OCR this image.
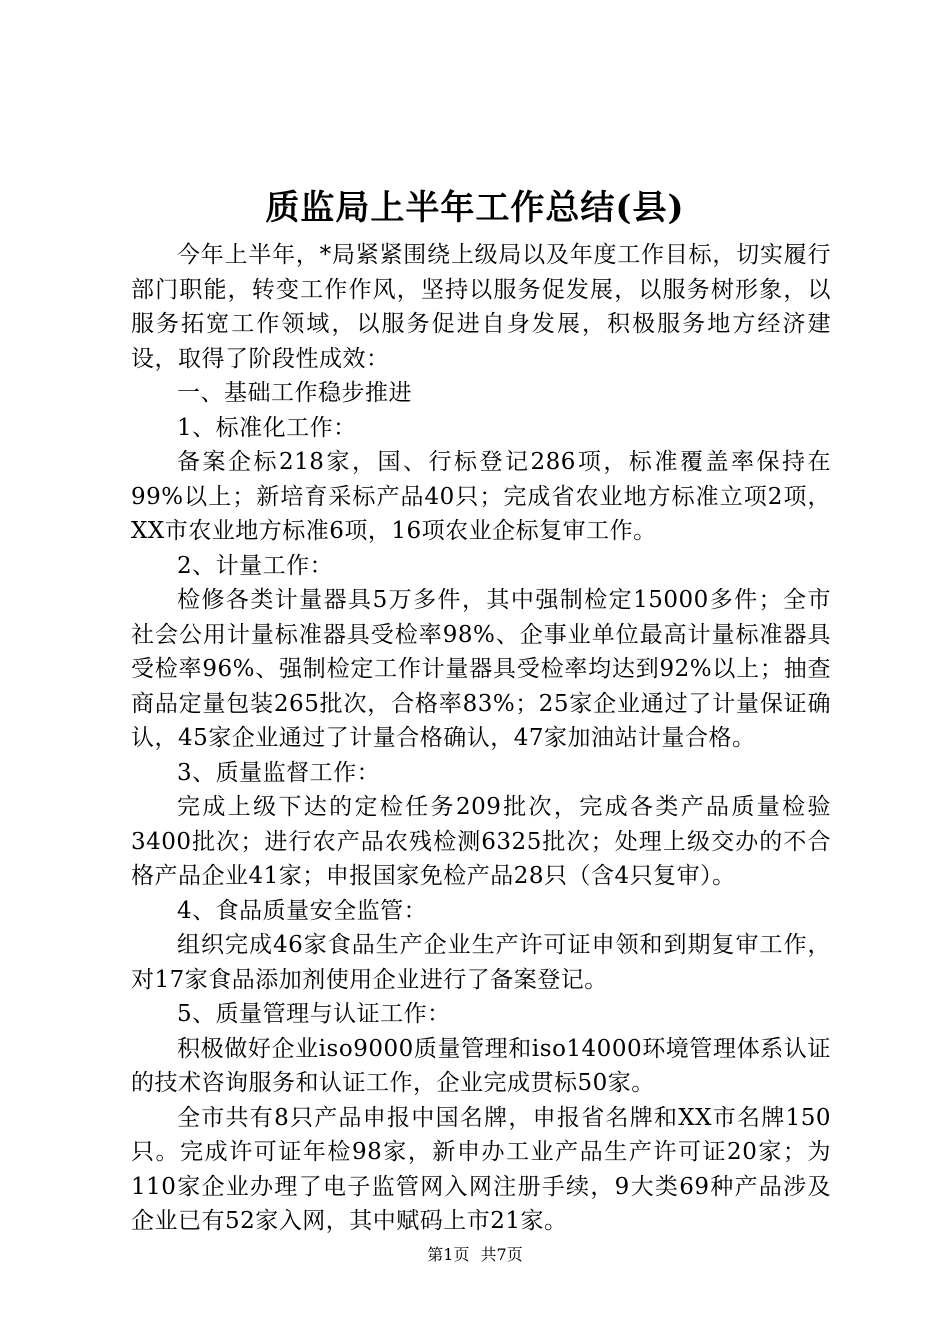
质监局上半年工作总结(县)

今年上半年，*局紧紧围绕上级局以及年度工作目标，切实履行部门职能，转变工作作风，坚持以服务促发展，以服务树形象，以服务拓宽工作领域，以服务促进自身发展，积极服务地方经济建设，取得了阶段性成效：

一、基础工作稳步推进

1、标准化工作：

备案企标218家，国、行标登记286项，标准覆盖率保持在99%以上；新培育采标产品40只；完成省农业地方标准立项2项，XX市农业地方标准6项，16项农业企标复审工作。

2、计量工作：

检修各类计量器具5万多件，其中强制检定15000多件；全市社会公用计量标准器具受检率98%、企事业单位最高计量标准器具受检率96%、强制检定工作计量器具受检率均达到92%以上；抽查商品定量包装265批次，合格率83%；25家企业通过了计量保证确认，45家企业通过了计量合格确认，47家加油站计量合格。

3、质量监督工作：

完成上级下达的定检任务209批次，完成各类产品质量检验3400批次；进行农产品农残检测6325批次；处理上级交办的不合格产品企业41家；申报国家免检产品28只（含4只复审）。

4、食品质量安全监管：

组织完成46家食品生产企业生产许可证申领和到期复审工作，对17家食品添加剂使用企业进行了备案登记。

5、质量管理与认证工作：

积极做好企业iso9000质量管理和iso14000环境管理体系认证的技术咨询服务和认证工作，企业完成贯标50家。

全市共有8只产品申报中国名牌，申报省名牌和XX市名牌150只。完成许可证年检98家，新申办工业产品生产许可证20家；为110家企业办理了电子监管网入网注册手续，9大类69种产品涉及企业已有52家入网，其中赋码上市21家。

第1页 共7页
